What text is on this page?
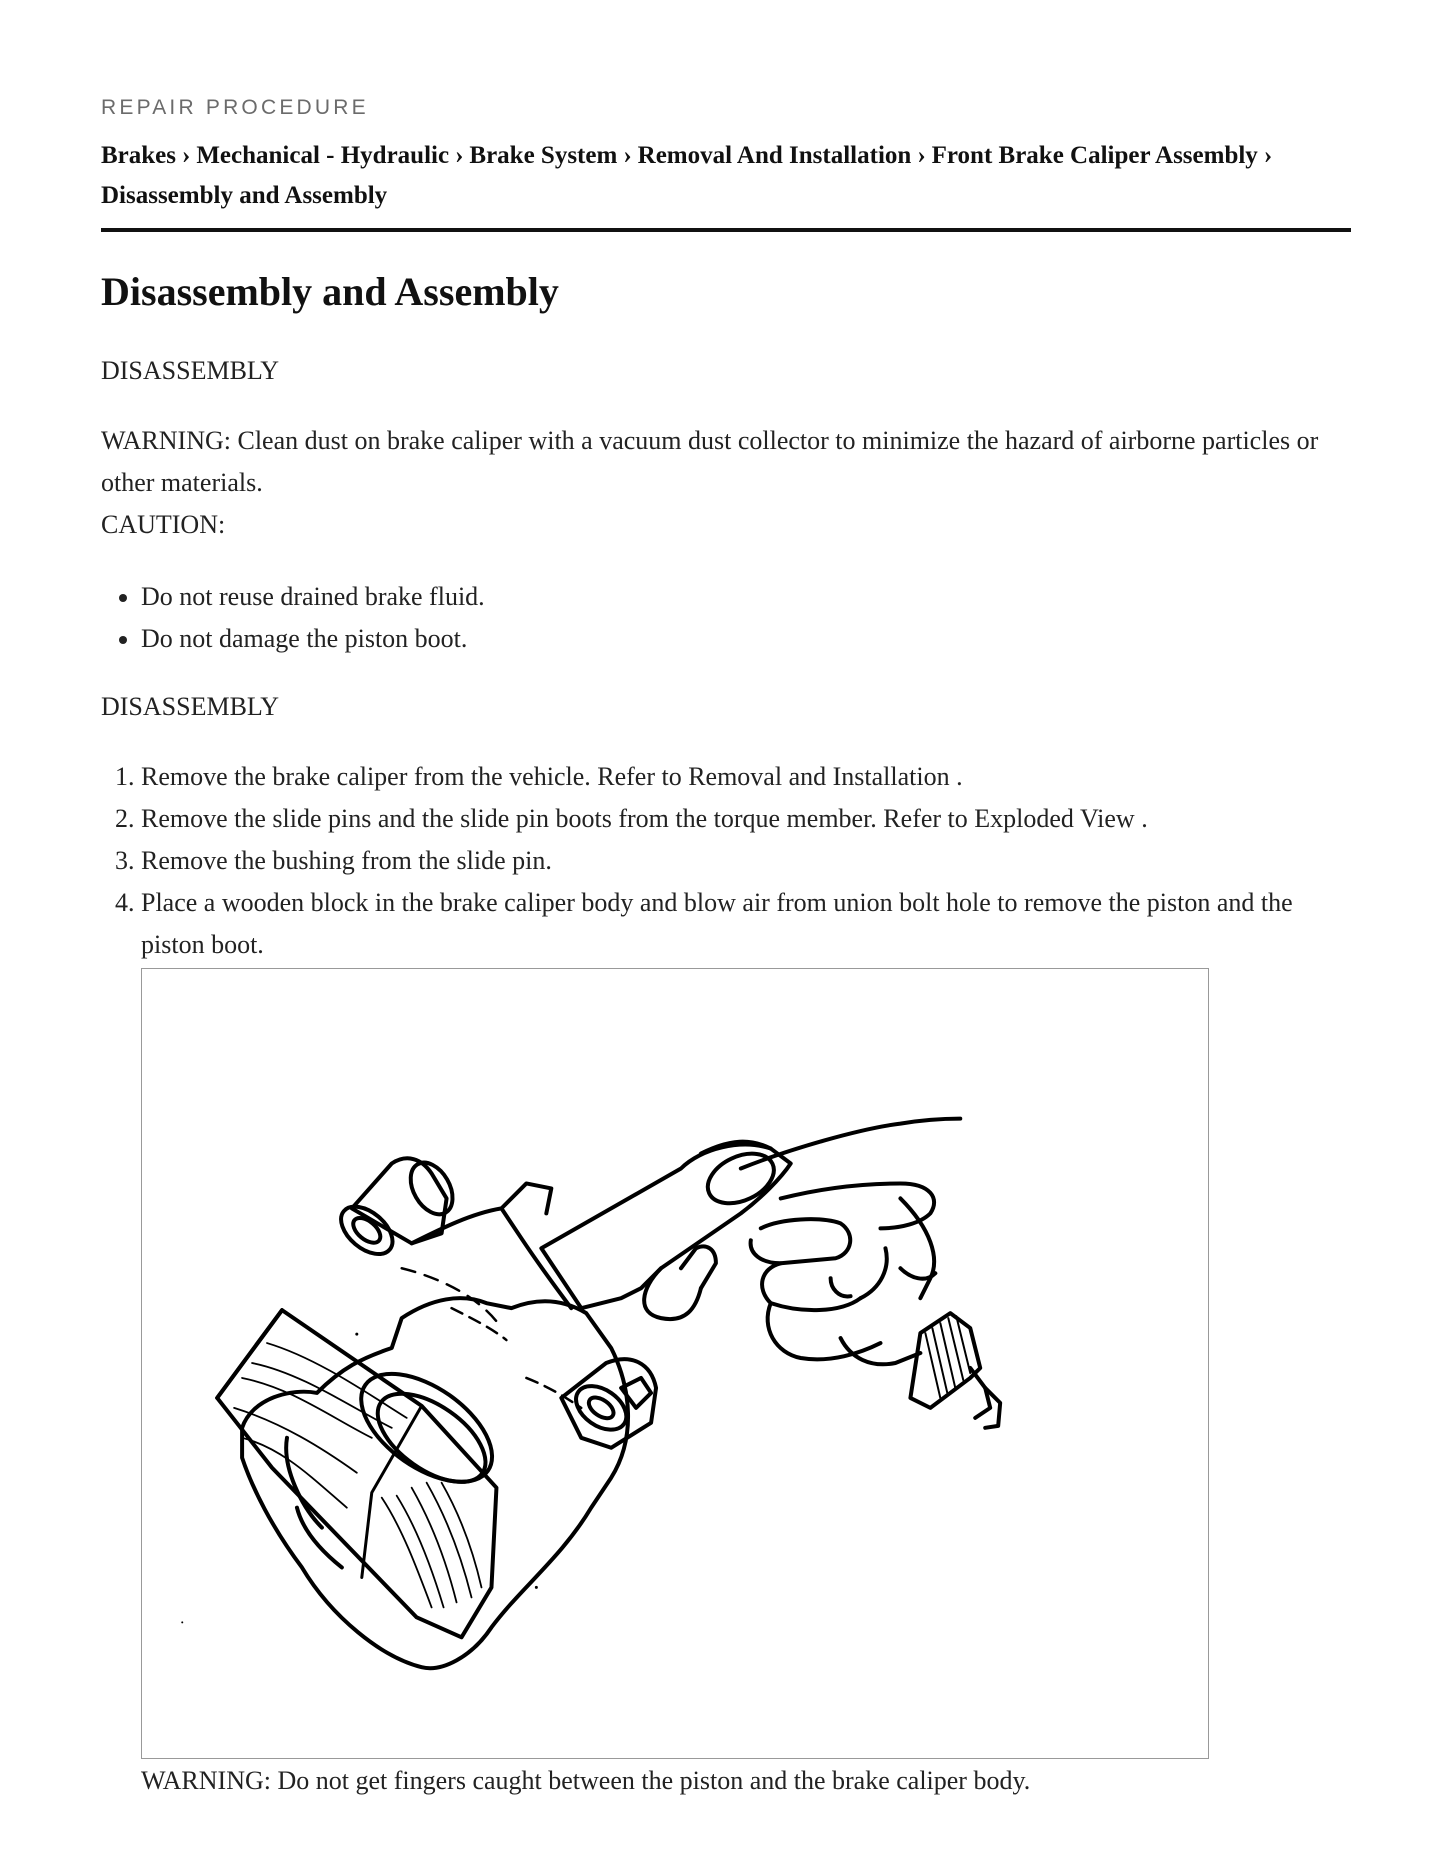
REPAIR PROCEDURE
Brakes › Mechanical - Hydraulic › Brake System › Removal And Installation › Front Brake Caliper Assembly ›
Disassembly and Assembly
Disassembly and Assembly

DISASSEMBLY

WARNING: Clean dust on brake caliper with a vacuum dust collector to minimize the hazard of airborne particles or other materials.

CAUTION:

• Do not reuse drained brake fluid.
• Do not damage the piston boot.

DISASSEMBLY

1. Remove the brake caliper from the vehicle. Refer to Removal and Installation .
2. Remove the slide pins and the slide pin boots from the torque member. Refer to Exploded View .
3. Remove the bushing from the slide pin.
4. Place a wooden block in the brake caliper body and blow air from union bolt hole to remove the piston and the piston boot.

WARNING: Do not get fingers caught between the piston and the brake caliper body.
